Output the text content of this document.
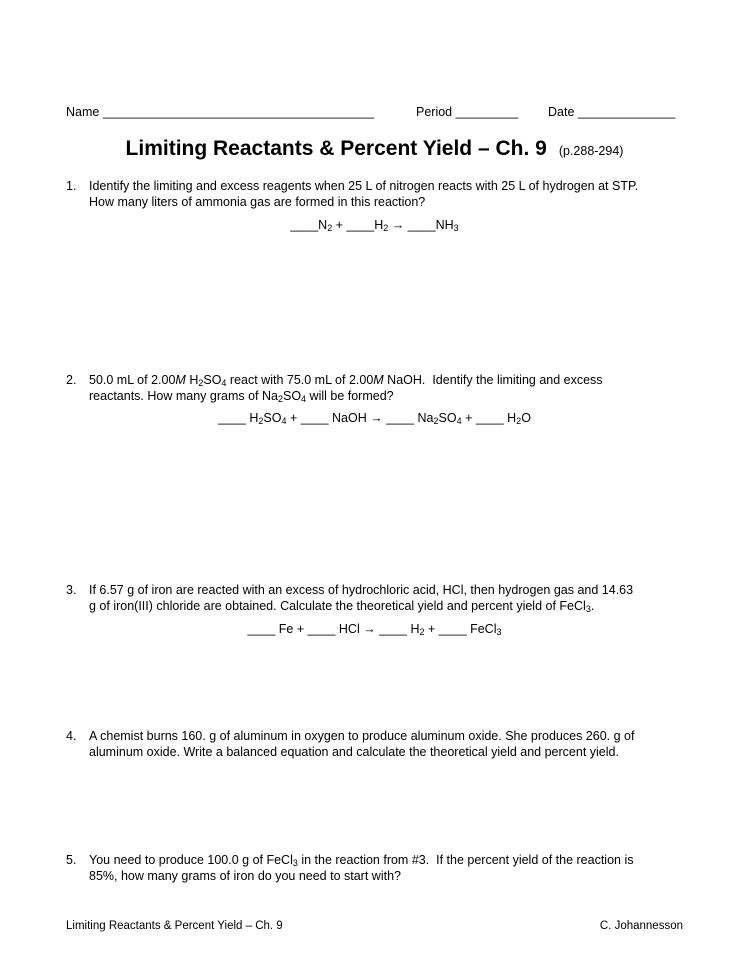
Name _______________________________________	Period _________ Date ______________
Limiting Reactants & Percent Yield – Ch. 9 (p.288-294)
1. Identify the limiting and excess reagents when 25 L of nitrogen reacts with 25 L of hydrogen at STP.
How many liters of ammonia gas are formed in this reaction?
$\_\_\_\_N_2$ + $\_\_\_\_H_2$ → $\_\_\_\_NH_3$
2. 50.0 mL of 2.00M $H_2SO_4$ react with 75.0 mL of 2.00M NaOH.  Identify the limiting and excess
reactants. How many grams of $Na_2SO_4$ will be formed?
____ $H_2SO_4$ + ____ NaOH → ____ $Na_2SO_4$ + ____ $H_2O$
3. If 6.57 g of iron are reacted with an excess of hydrochloric acid, HCl, then hydrogen gas and 14.63
g of iron(III) chloride are obtained. Calculate the theoretical yield and percent yield of FeCl$_3$.
____ Fe + ____ HCl → ____ $H_2$ + ____ FeCl$_3$
4. A chemist burns 160. g of aluminum in oxygen to produce aluminum oxide. She produces 260. g of
aluminum oxide. Write a balanced equation and calculate the theoretical yield and percent yield.
5. You need to produce 100.0 g of FeCl$_3$ in the reaction from #3.  If the percent yield of the reaction is
85%, how many grams of iron do you need to start with?
Limiting Reactants & Percent Yield – Ch. 9	C. Johannesson
